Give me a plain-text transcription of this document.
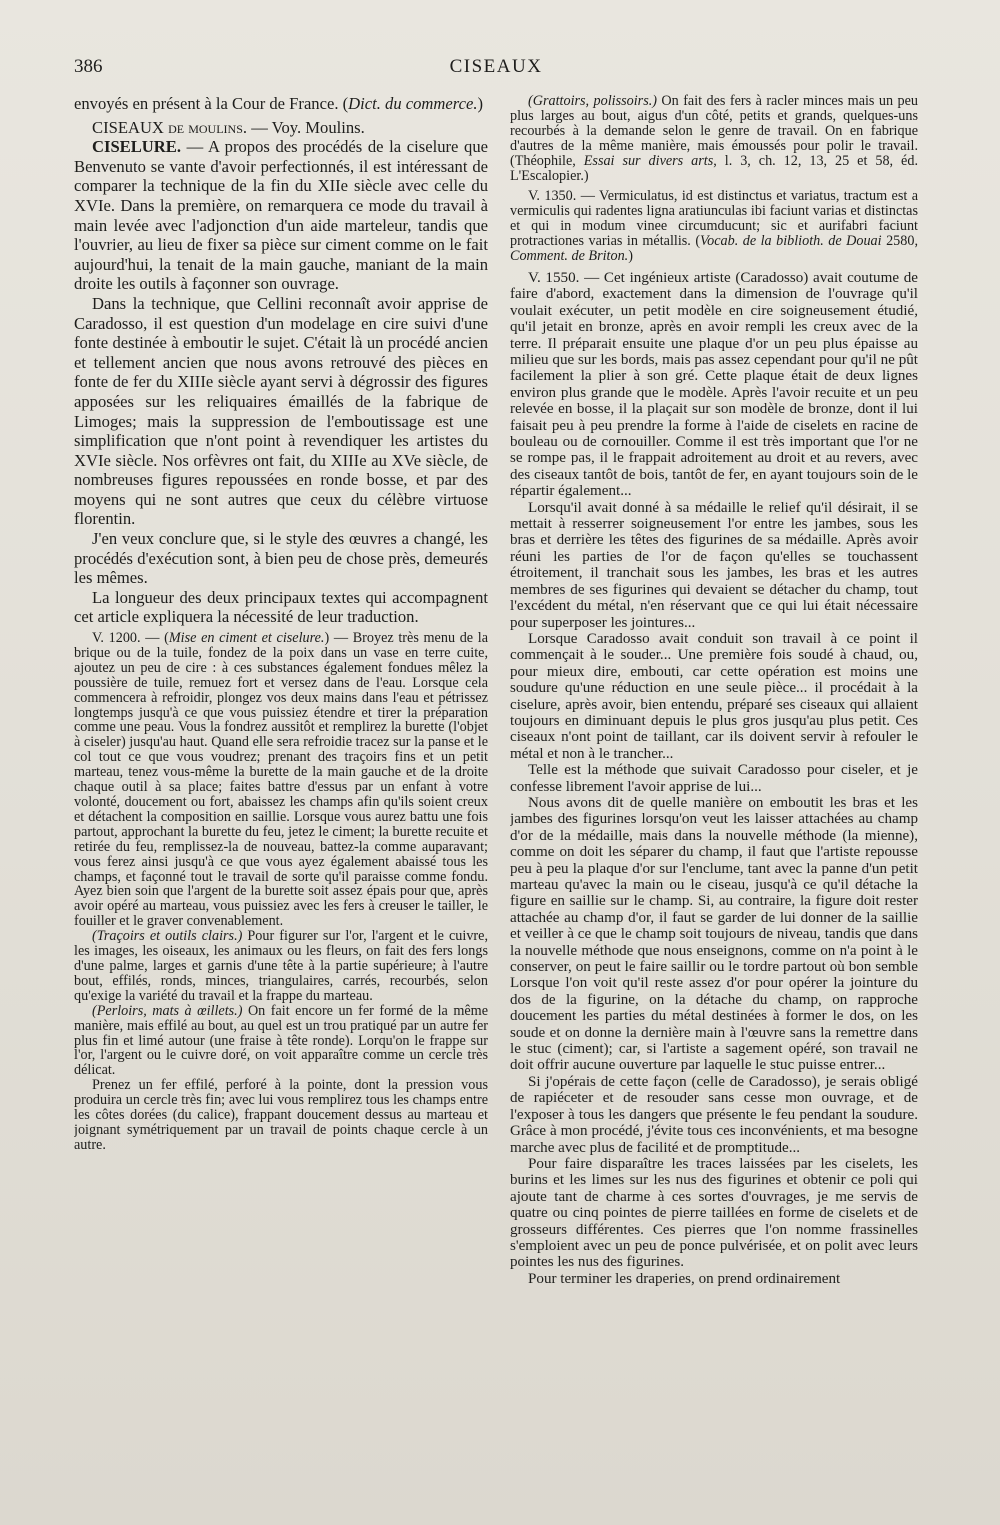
386	CISEAUX

envoyés en présent à la Cour de France. (Dict. du commerce.)

CISEAUX de moulins. — Voy. Moulins.

CISELURE. — A propos des procédés de la ciselure que Benvenuto se vante d'avoir perfectionnés, il est intéressant de comparer la technique de la fin du XIIe siècle avec celle du XVIe. Dans la première, on remarquera ce mode du travail à main levée avec l'adjonction d'un aide marteleur, tandis que l'ouvrier, au lieu de fixer sa pièce sur ciment comme on le fait aujourd'hui, la tenait de la main gauche, maniant de la main droite les outils à façonner son ouvrage.

Dans la technique, que Cellini reconnaît avoir apprise de Caradosso, il est question d'un modelage en cire suivi d'une fonte destinée à emboutir le sujet. C'était là un procédé ancien et tellement ancien que nous avons retrouvé des pièces en fonte de fer du XIIIe siècle ayant servi à dégrossir des figures apposées sur les reliquaires émaillés de la fabrique de Limoges; mais la suppression de l'emboutissage est une simplification que n'ont point à revendiquer les artistes du XVIe siècle. Nos orfèvres ont fait, du XIIIe au XVe siècle, de nombreuses figures repoussées en ronde bosse, et par des moyens qui ne sont autres que ceux du célèbre virtuose florentin.

J'en veux conclure que, si le style des œuvres a changé, les procédés d'exécution sont, à bien peu de chose près, demeurés les mêmes.

La longueur des deux principaux textes qui accompagnent cet article expliquera la nécessité de leur traduction.

V. 1200. — (Mise en ciment et ciselure.) — Broyez très menu de la brique ou de la tuile, fondez de la poix dans un vase en terre cuite, ajoutez un peu de cire : à ces substances également fondues mêlez la poussière de tuile, remuez fort et versez dans de l'eau. Lorsque cela commencera à refroidir, plongez vos deux mains dans l'eau et pétrissez longtemps jusqu'à ce que vous puissiez étendre et tirer la préparation comme une peau. Vous la fondrez aussitôt et remplirez la burette (l'objet à ciseler) jusqu'au haut. Quand elle sera refroidie tracez sur la panse et le col tout ce que vous voudrez; prenant des traçoirs fins et un petit marteau, tenez vous-même la burette de la main gauche et de la droite chaque outil à sa place; faites battre d'essus par un enfant à votre volonté, doucement ou fort, abaissez les champs afin qu'ils soient creux et détachent la composition en saillie. Lorsque vous aurez battu une fois partout, approchant la burette du feu, jetez le ciment; la burette recuite et retirée du feu, remplissez-la de nouveau, battez-la comme auparavant; vous ferez ainsi jusqu'à ce que vous ayez également abaissé tous les champs, et façonné tout le travail de sorte qu'il paraisse comme fondu. Ayez bien soin que l'argent de la burette soit assez épais pour que, après avoir opéré au marteau, vous puissiez avec les fers à creuser le tailler, le fouiller et le graver convenablement.

(Traçoirs et outils clairs.) Pour figurer sur l'or, l'argent et le cuivre, les images, les oiseaux, les animaux ou les fleurs, on fait des fers longs d'une palme, larges et garnis d'une tête à la partie supérieure; à l'autre bout, effilés, ronds, minces, triangulaires, carrés, recourbés, selon qu'exige la variété du travail et la frappe du marteau.

(Perloirs, mats à œillets.) On fait encore un fer formé de la même manière, mais effilé au bout, au quel est un trou pratiqué par un autre fer plus fin et limé autour (une fraise à tête ronde). Lorqu'on le frappe sur l'or, l'argent ou le cuivre doré, on voit apparaître comme un cercle très délicat.

Prenez un fer effilé, perforé à la pointe, dont la pression vous produira un cercle très fin; avec lui vous remplirez tous les champs entre les côtes dorées (du calice), frappant doucement dessus au marteau et joignant symétriquement par un travail de points chaque cercle à un autre.

(Grattoirs, polissoirs.) On fait des fers à racler minces mais un peu plus larges au bout, aigus d'un côté, petits et grands, quelques-uns recourbés à la demande selon le genre de travail. On en fabrique d'autres de la même manière, mais émoussés pour polir le travail. (Théophile, Essai sur divers arts, l. 3, ch. 12, 13, 25 et 58, éd. L'Escalopier.)

V. 1350. — Vermiculatus, id est distinctus et variatus, tractum est a vermiculis qui radentes ligna aratiunculas ibi faciunt varias et distinctas et qui in modum vinee circumducunt; sic et aurifabri faciunt protractiones varias in métallis. (Vocab. de la biblioth. de Douai 2580, Comment. de Briton.)

V. 1550. — Cet ingénieux artiste (Caradosso) avait coutume de faire d'abord, exactement dans la dimension de l'ouvrage qu'il voulait exécuter, un petit modèle en cire soigneusement étudié, qu'il jetait en bronze, après en avoir rempli les creux avec de la terre. Il préparait ensuite une plaque d'or un peu plus épaisse au milieu que sur les bords, mais pas assez cependant pour qu'il ne pût facilement la plier à son gré. Cette plaque était de deux lignes environ plus grande que le modèle. Après l'avoir recuite et un peu relevée en bosse, il la plaçait sur son modèle de bronze, dont il lui faisait peu à peu prendre la forme à l'aide de ciselets en racine de bouleau ou de cornouiller. Comme il est très important que l'or ne se rompe pas, il le frappait adroitement au droit et au revers, avec des ciseaux tantôt de bois, tantôt de fer, en ayant toujours soin de le répartir également...

Lorsqu'il avait donné à sa médaille le relief qu'il désirait, il se mettait à resserrer soigneusement l'or entre les jambes, sous les bras et derrière les têtes des figurines de sa médaille. Après avoir réuni les parties de l'or de façon qu'elles se touchassent étroitement, il tranchait sous les jambes, les bras et les autres membres de ses figurines qui devaient se détacher du champ, tout l'excédent du métal, n'en réservant que ce qui lui était nécessaire pour superposer les jointures...

Lorsque Caradosso avait conduit son travail à ce point il commençait à le souder... Une première fois soudé à chaud, ou, pour mieux dire, embouti, car cette opération est moins une soudure qu'une réduction en une seule pièce... il procédait à la ciselure, après avoir, bien entendu, préparé ses ciseaux qui allaient toujours en diminuant depuis le plus gros jusqu'au plus petit. Ces ciseaux n'ont point de taillant, car ils doivent servir à refouler le métal et non à le trancher...

Telle est la méthode que suivait Caradosso pour ciseler, et je confesse librement l'avoir apprise de lui...

Nous avons dit de quelle manière on emboutit les bras et les jambes des figurines lorsqu'on veut les laisser attachées au champ d'or de la médaille, mais dans la nouvelle méthode (la mienne), comme on doit les séparer du champ, il faut que l'artiste repousse peu à peu la plaque d'or sur l'enclume, tant avec la panne d'un petit marteau qu'avec la main ou le ciseau, jusqu'à ce qu'il détache la figure en saillie sur le champ. Si, au contraire, la figure doit rester attachée au champ d'or, il faut se garder de lui donner de la saillie et veiller à ce que le champ soit toujours de niveau, tandis que dans la nouvelle méthode que nous enseignons, comme on n'a point à le conserver, on peut le faire saillir ou le tordre partout où bon semble Lorsque l'on voit qu'il reste assez d'or pour opérer la jointure du dos de la figurine, on la détache du champ, on rapproche doucement les parties du métal destinées à former le dos, on les soude et on donne la dernière main à l'œuvre sans la remettre dans le stuc (ciment); car, si l'artiste a sagement opéré, son travail ne doit offrir aucune ouverture par laquelle le stuc puisse entrer...

Si j'opérais de cette façon (celle de Caradosso), je serais obligé de rapiéceter et de resouder sans cesse mon ouvrage, et de l'exposer à tous les dangers que présente le feu pendant la soudure. Grâce à mon procédé, j'évite tous ces inconvénients, et ma besogne marche avec plus de facilité et de promptitude...

Pour faire disparaître les traces laissées par les ciselets, les burins et les limes sur les nus des figurines et obtenir ce poli qui ajoute tant de charme à ces sortes d'ouvrages, je me servis de quatre ou cinq pointes de pierre taillées en forme de ciselets et de grosseurs différentes. Ces pierres que l'on nomme frassinelles s'emploient avec un peu de ponce pulvérisée, et on polit avec leurs pointes les nus des figurines.

Pour terminer les draperies, on prend ordinairement
